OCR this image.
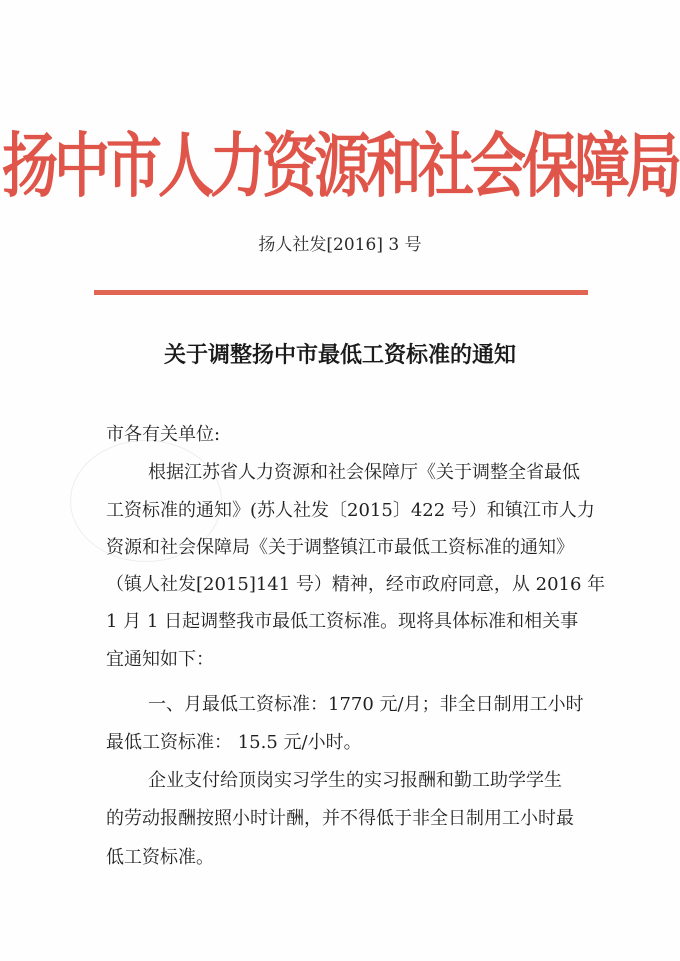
扬中市人力资源和社会保障局
扬人社发[2016] 3 号
关于调整扬中市最低工资标准的通知
市各有关单位:
根据江苏省人力资源和社会保障厅《关于调整全省最低
工资标准的通知》(苏人社发〔2015〕422 号）和镇江市人力
资源和社会保障局《关于调整镇江市最低工资标准的通知》
（镇人社发[2015]141 号）精神，经市政府同意，从 2016 年
1 月 1 日起调整我市最低工资标准。现将具体标准和相关事
宜通知如下：
一、月最低工资标准：1770 元/月；非全日制用工小时
最低工资标准： 15.5 元/小时。
企业支付给顶岗实习学生的实习报酬和勤工助学学生
的劳动报酬按照小时计酬，并不得低于非全日制用工小时最
低工资标准。
